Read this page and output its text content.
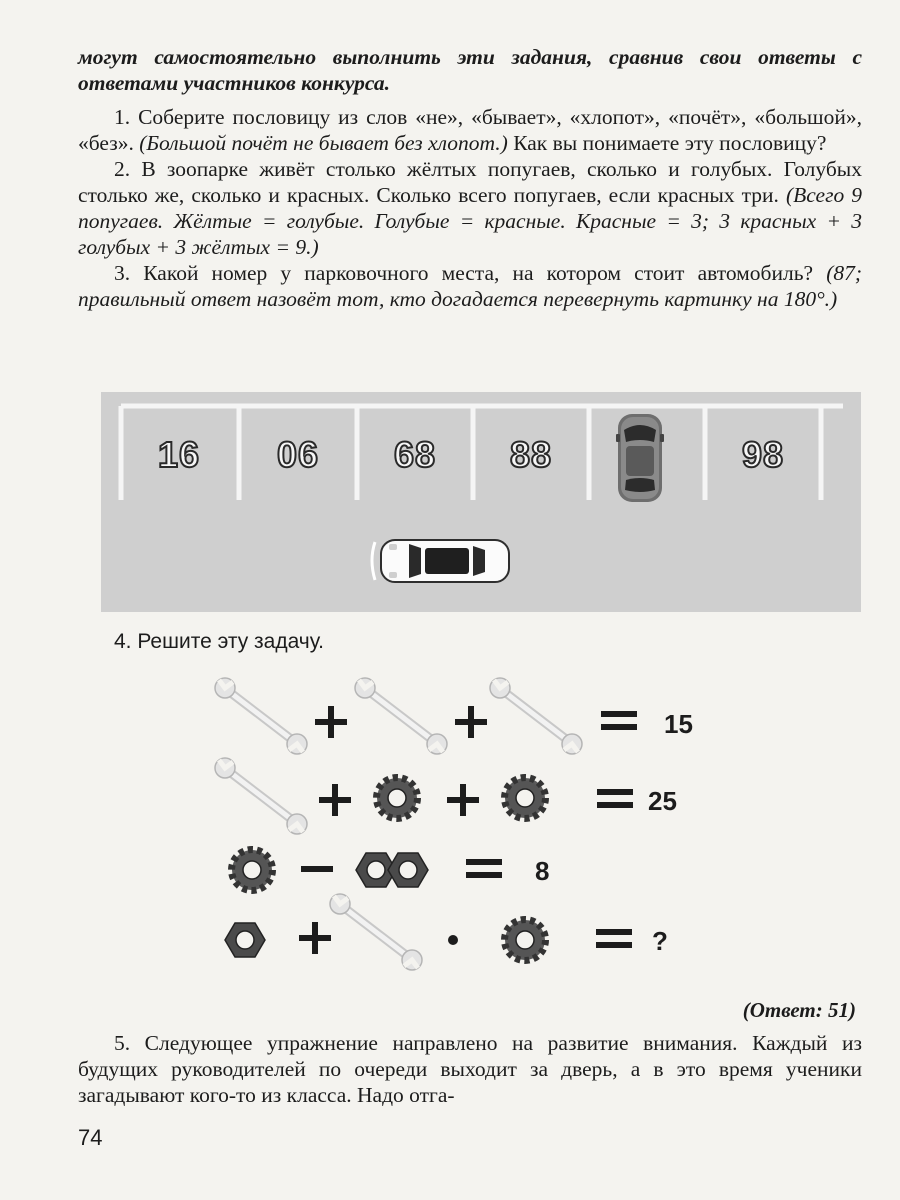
могут самостоятельно выполнить эти задания, сравнив свои ответы с ответами участников конкурса.

1. Соберите пословицу из слов «не», «бывает», «хлопот», «почёт», «большой», «без». (Большой почёт не бывает без хлопот.) Как вы понимаете эту пословицу?

2. В зоопарке живёт столько жёлтых попугаев, сколько и голубых. Голубых столько же, сколько и красных. Сколько всего попугаев, если красных три. (Всего 9 попугаев. Жёлтые = голубые. Голубые = красные. Красные = 3; 3 красных + 3 голубых + 3 жёлтых = 9.)

3. Какой номер у парковочного места, на котором стоит автомобиль? (87; правильный ответ назовёт тот, кто догадается перевернуть картинку на 180°.)

16	06	68	88	98
4. Решите эту задачу.
15
25
8
?
(Ответ: 51)

5. Следующее упражнение направлено на развитие внимания. Каждый из будущих руководителей по очереди выходит за дверь, а в это время ученики загадывают кого-то из класса. Надо отга-

74
